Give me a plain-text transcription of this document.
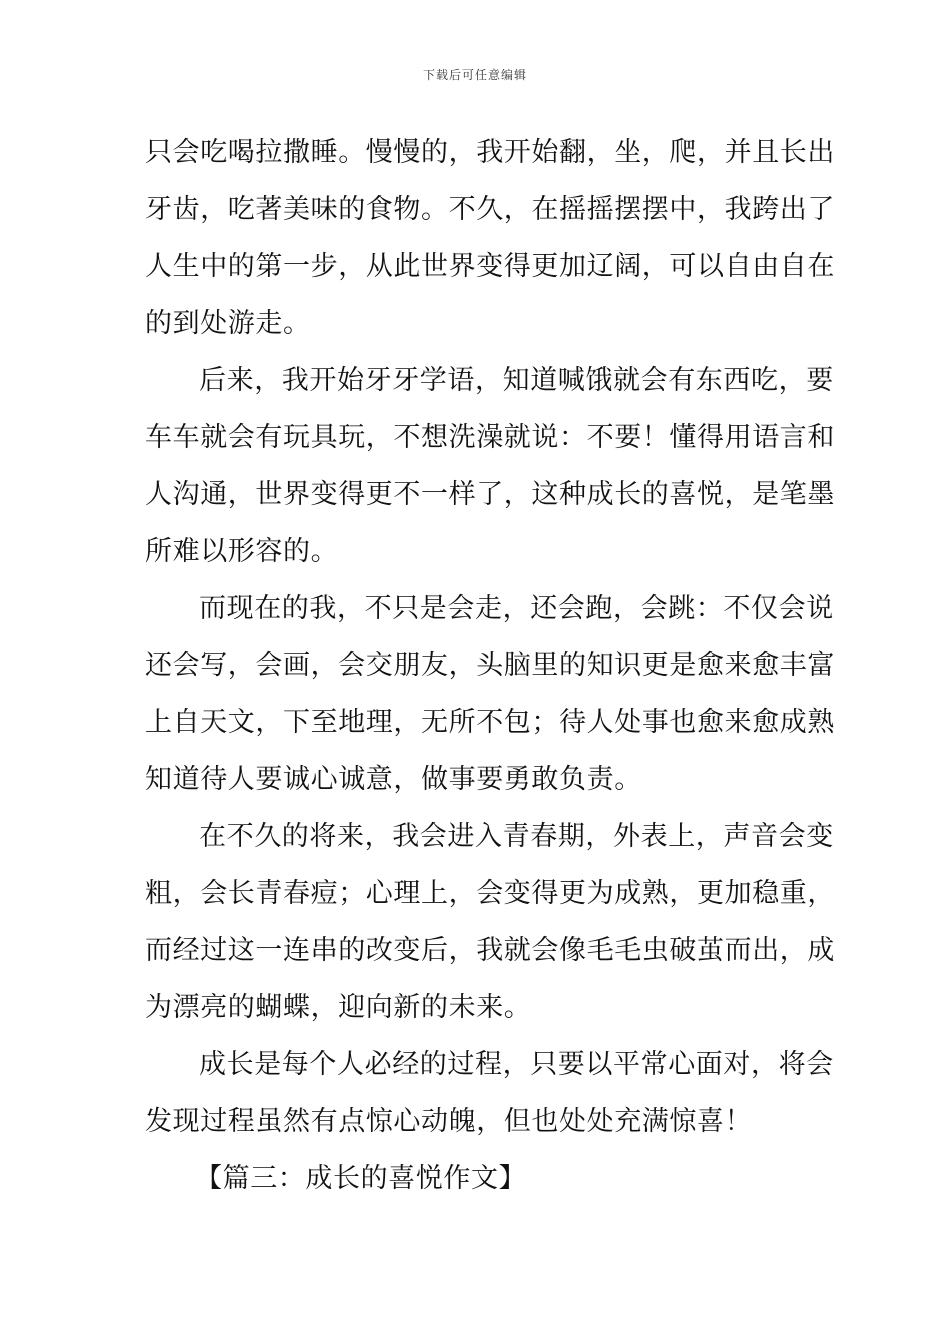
下载后可任意编辑
只会吃喝拉撒睡。慢慢的，我开始翻，坐，爬，并且长出
牙齿，吃著美味的食物。不久，在摇摇摆摆中，我跨出了
人生中的第一步，从此世界变得更加辽阔，可以自由自在
的到处游走。
后来，我开始牙牙学语，知道喊饿就会有东西吃，要
车车就会有玩具玩，不想洗澡就说：不要！懂得用语言和
人沟通，世界变得更不一样了，这种成长的喜悦，是笔墨
所难以形容的。
而现在的我，不只是会走，还会跑，会跳：不仅会说
还会写，会画，会交朋友，头脑里的知识更是愈来愈丰富
上自天文，下至地理，无所不包；待人处事也愈来愈成熟
知道待人要诚心诚意，做事要勇敢负责。
在不久的将来，我会进入青春期，外表上，声音会变
粗，会长青春痘；心理上，会变得更为成熟，更加稳重，
而经过这一连串的改变后，我就会像毛毛虫破茧而出，成
为漂亮的蝴蝶，迎向新的未来。
成长是每个人必经的过程，只要以平常心面对，将会
发现过程虽然有点惊心动魄，但也处处充满惊喜！
【篇三：成长的喜悦作文】
